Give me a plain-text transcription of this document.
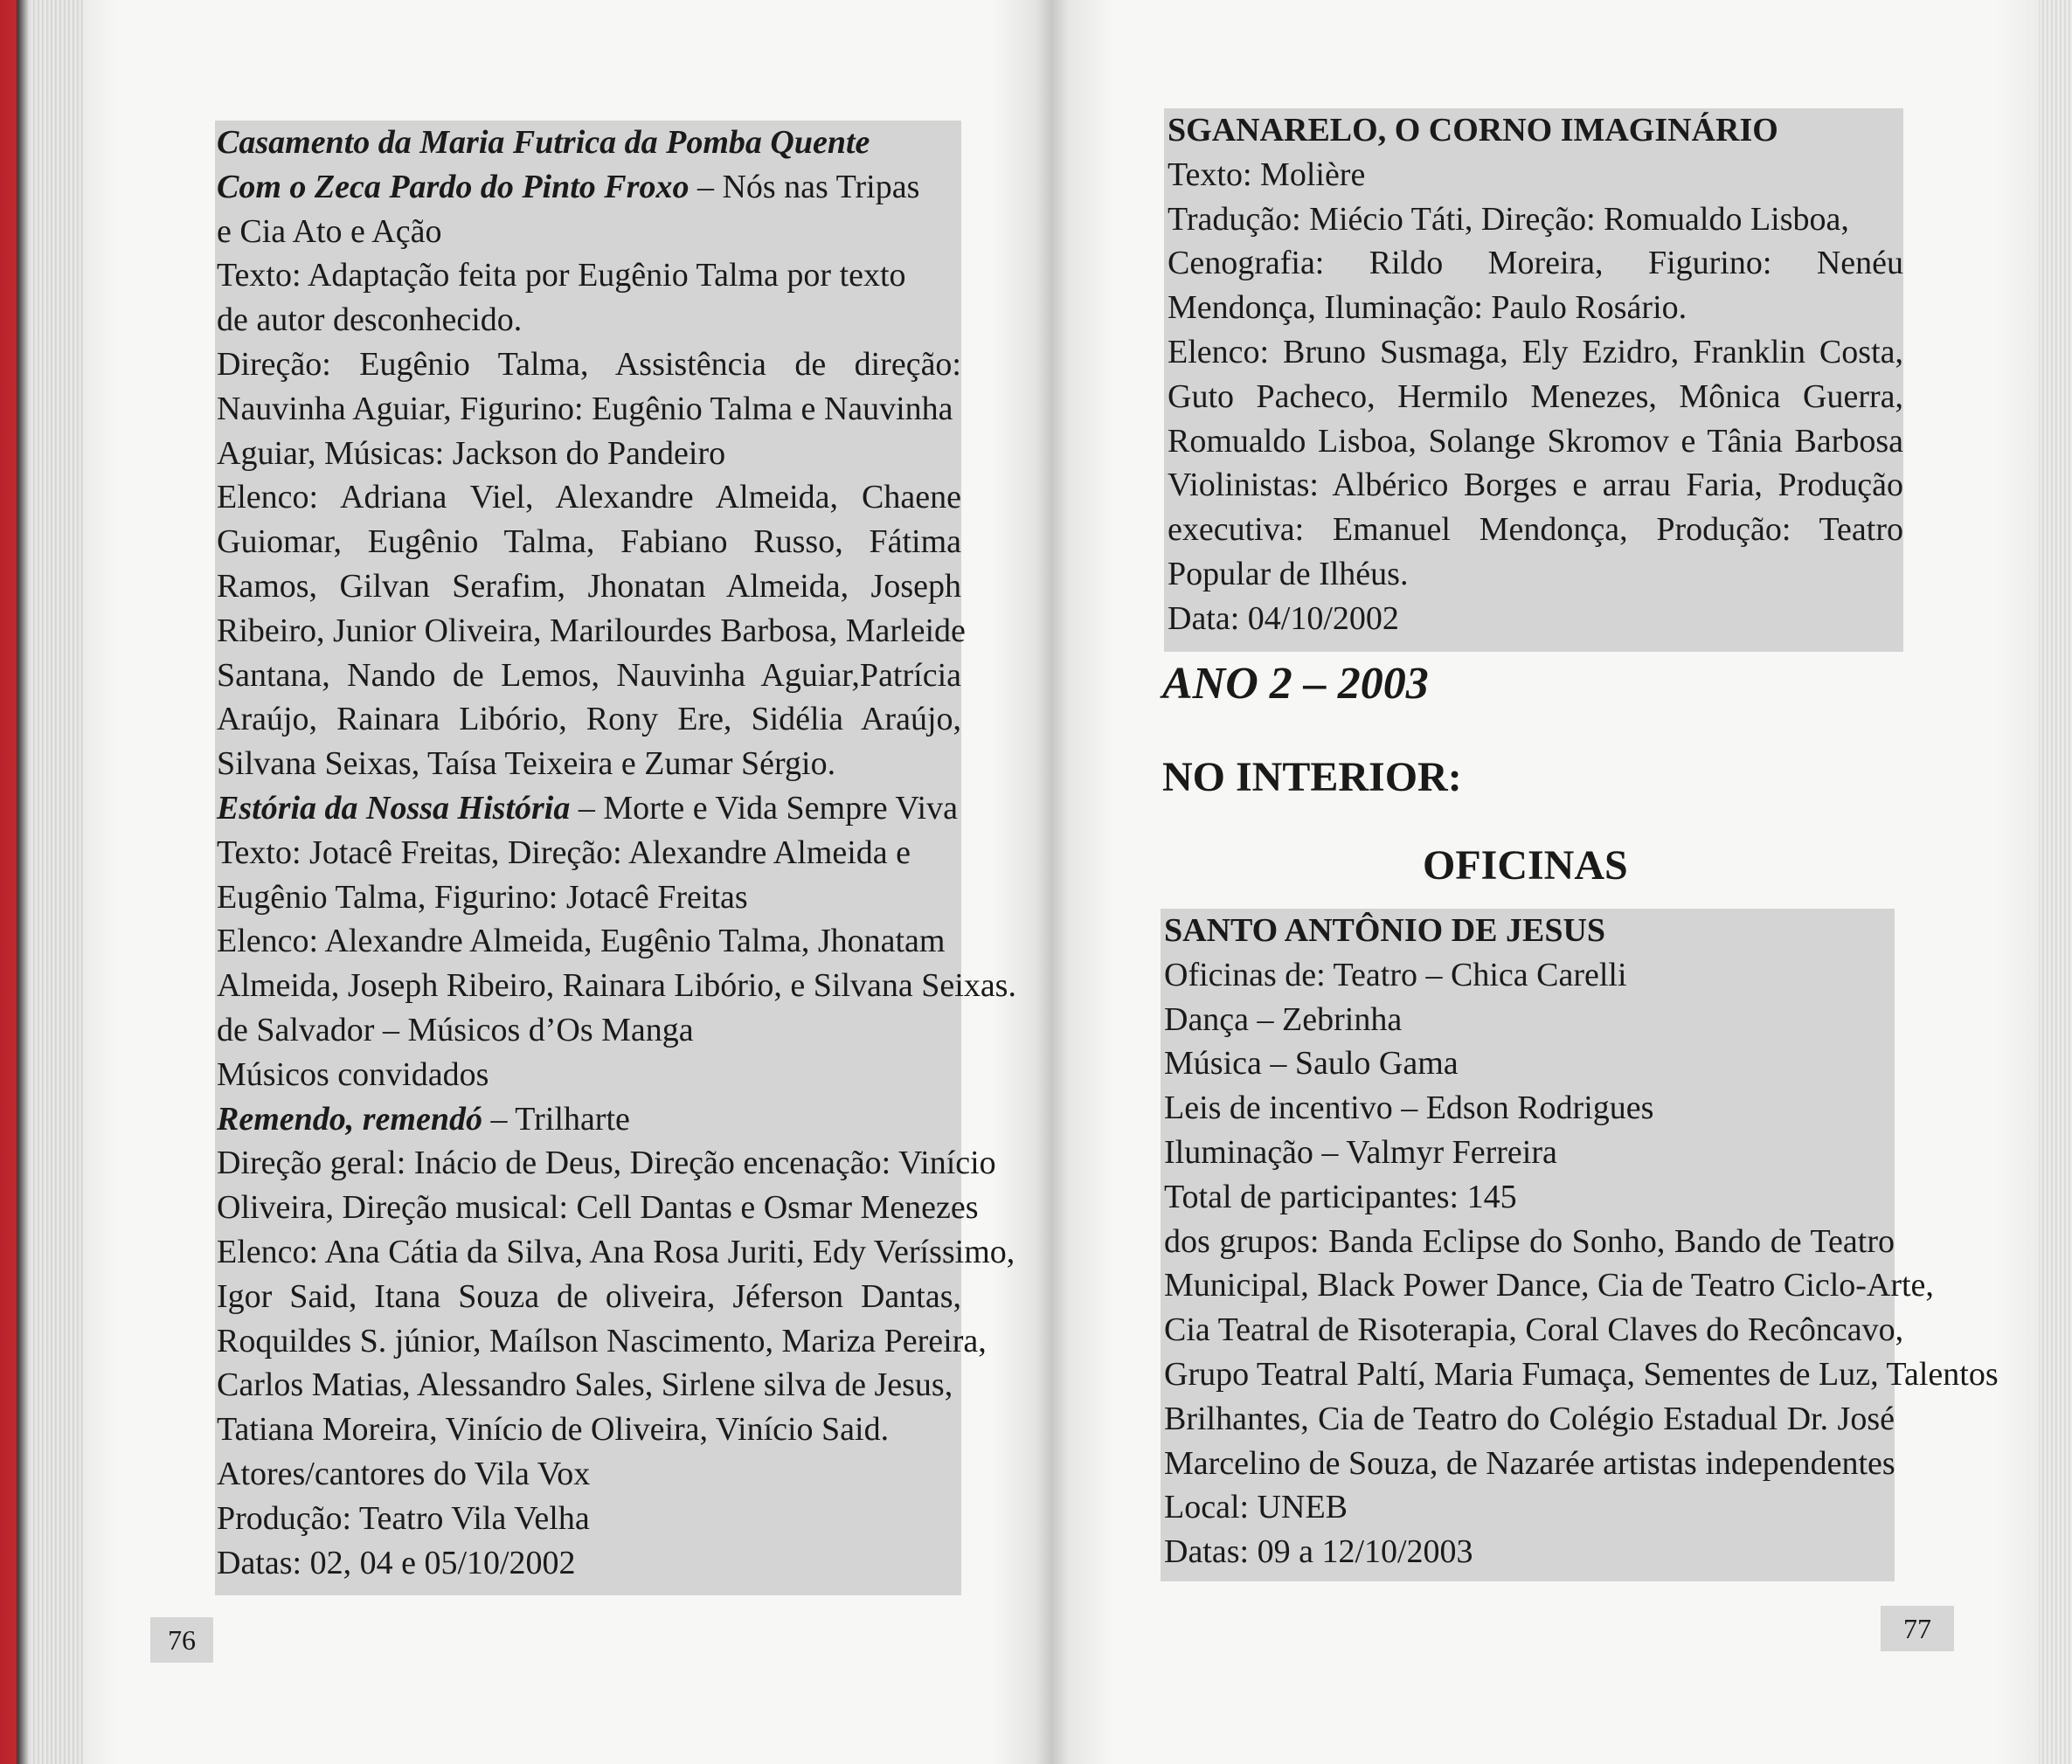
Casamento da Maria Futrica da Pomba Quente

Com o Zeca Pardo do Pinto Froxo – Nós nas Tripas

e Cia Ato e Ação

Texto: Adaptação feita por Eugênio Talma por texto

de autor desconhecido.

Direção: Eugênio Talma, Assistência de direção:

Nauvinha Aguiar, Figurino: Eugênio Talma e Nauvinha

Aguiar, Músicas: Jackson do Pandeiro

Elenco: Adriana Viel, Alexandre Almeida, Chaene

Guiomar, Eugênio Talma, Fabiano Russo, Fátima

Ramos, Gilvan Serafim, Jhonatan Almeida, Joseph

Ribeiro, Junior Oliveira, Marilourdes Barbosa, Marleide

Santana, Nando de Lemos, Nauvinha Aguiar,Patrícia

Araújo, Rainara Libório, Rony Ere, Sidélia Araújo,

Silvana Seixas, Taísa Teixeira e Zumar Sérgio.

Estória da Nossa História – Morte e Vida Sempre Viva

Texto: Jotacê Freitas, Direção: Alexandre Almeida e

Eugênio Talma, Figurino: Jotacê Freitas

Elenco: Alexandre Almeida, Eugênio Talma, Jhonatam

Almeida, Joseph Ribeiro, Rainara Libório, e Silvana Seixas.

de Salvador – Músicos d’Os Manga

Músicos convidados

Remendo, remendó – Trilharte

Direção geral: Inácio de Deus, Direção encenação: Vinício

Oliveira, Direção musical: Cell Dantas e Osmar Menezes

Elenco: Ana Cátia da Silva, Ana Rosa Juriti, Edy Veríssimo,

Igor Said, Itana Souza de oliveira, Jéferson Dantas,

Roquildes S. júnior, Maílson Nascimento, Mariza Pereira,

Carlos Matias, Alessandro Sales, Sirlene silva de Jesus,

Tatiana Moreira, Vinício de Oliveira, Vinício Said.

Atores/cantores do Vila Vox

Produção: Teatro Vila Velha

Datas: 02, 04 e 05/10/2002

76

SGANARELO, O CORNO IMAGINÁRIO

Texto: Molière

Tradução: Miécio Táti, Direção: Romualdo Lisboa,

Cenografia: Rildo Moreira, Figurino: Nenéu

Mendonça, Iluminação: Paulo Rosário.

Elenco: Bruno Susmaga, Ely Ezidro, Franklin Costa,

Guto Pacheco, Hermilo Menezes, Mônica Guerra,

Romualdo Lisboa, Solange Skromov e Tânia Barbosa

Violinistas: Albérico Borges e arrau Faria, Produção

executiva: Emanuel Mendonça, Produção: Teatro

Popular de Ilhéus.

Data: 04/10/2002

ANO 2 – 2003
NO INTERIOR:
OFICINAS

SANTO ANTÔNIO DE JESUS

Oficinas de: Teatro – Chica Carelli

Dança – Zebrinha

Música – Saulo Gama

Leis de incentivo – Edson Rodrigues

Iluminação – Valmyr Ferreira

Total de participantes: 145

dos grupos: Banda Eclipse do Sonho, Bando de Teatro

Municipal, Black Power Dance, Cia de Teatro Ciclo-Arte,

Cia Teatral de Risoterapia, Coral Claves do Recôncavo,

Grupo Teatral Paltí, Maria Fumaça, Sementes de Luz, Talentos

Brilhantes, Cia de Teatro do Colégio Estadual Dr. José

Marcelino de Souza, de Nazarée artistas independentes

Local: UNEB

Datas: 09 a 12/10/2003

77
